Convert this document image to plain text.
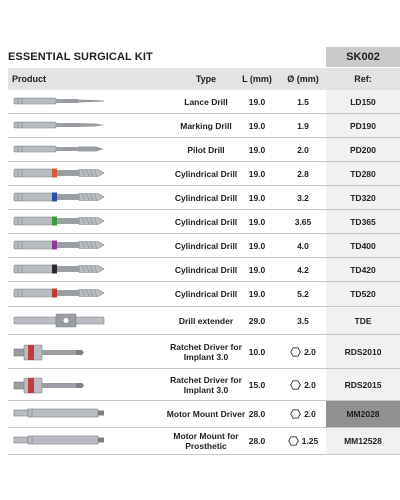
ESSENTIAL SURGICAL KIT	SK002
Product	Type	L (mm)	Ø (mm)	Ref:
Lance Drill	19.0	1.5	LD150
Marking Drill	19.0	1.9	PD190
Pilot Drill	19.0	2.0	PD200
Cylindrical Drill	19.0	2.8	TD280
Cylindrical Drill	19.0	3.2	TD320
Cylindrical Drill	19.0	3.65	TD365
Cylindrical Drill	19.0	4.0	TD400
Cylindrical Drill	19.0	4.2	TD420
Cylindrical Drill	19.0	5.2	TD520
Drill extender	29.0	3.5	TDE
Ratchet Driver for Implant 3.0	10.0	2.0	RDS2010
Ratchet Driver for Implant 3.0	15.0	2.0	RDS2015
Motor Mount Driver 28.0	2.0	MM2028
Motor Mount for Prosthetic	28.0	1.25	MM12528
